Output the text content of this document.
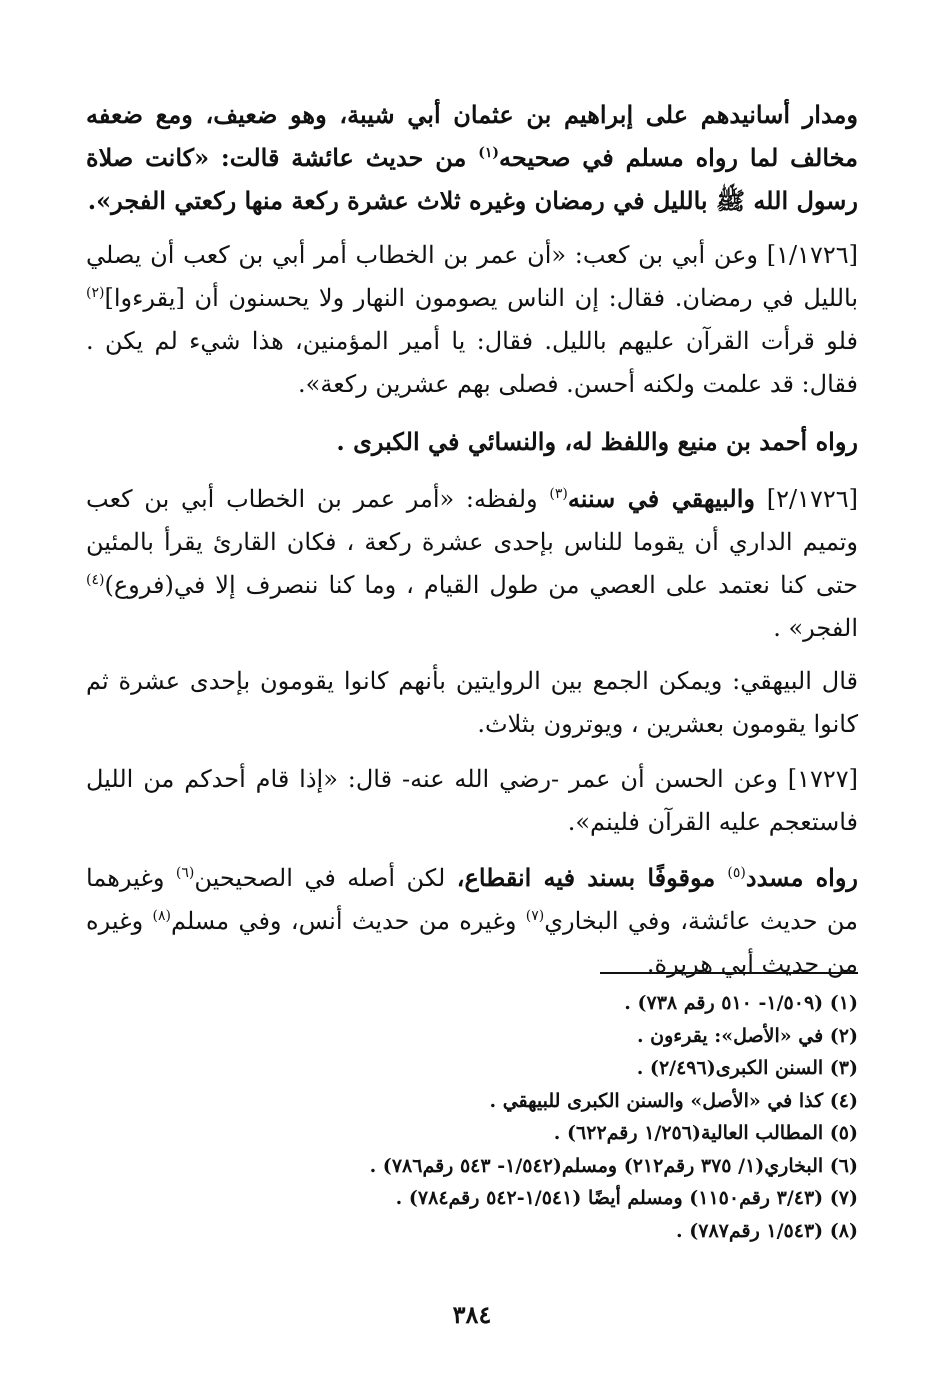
ومدار أسانيدهم على إبراهيم بن عثمان أبي شيبة، وهو ضعيف، ومع ضعفه مخالف لما رواه مسلم في صحيحه$^{(١)}$ من حديث عائشة قالت: «كانت صلاة رسول الله ﷺ بالليل في رمضان وغيره ثلاث عشرة ركعة منها ركعتي الفجر».

[١/١٧٢٦] وعن أبي بن كعب: «أن عمر بن الخطاب أمر أبي بن كعب أن يصلي بالليل في رمضان. فقال: إن الناس يصومون النهار ولا يحسنون أن [يقرءوا]$^{(٢)}$ فلو قرأت القرآن عليهم بالليل. فقال: يا أمير المؤمنين، هذا شيء لم يكن . فقال: قد علمت ولكنه أحسن. فصلى بهم عشرين ركعة».

رواه أحمد بن منيع واللفظ له، والنسائي في الكبرى .

[٢/١٧٢٦] والبيهقي في سننه$^{(٣)}$ ولفظه: «أمر عمر بن الخطاب أبي بن كعب وتميم الداري أن يقوما للناس بإحدى عشرة ركعة ، فكان القارئ يقرأ بالمئين حتى كنا نعتمد على العصي من طول القيام ، وما كنا ننصرف إلا في(فروع)$^{(٤)}$ الفجر» .

قال البيهقي: ويمكن الجمع بين الروايتين بأنهم كانوا يقومون بإحدى عشرة ثم كانوا يقومون بعشرين ، ويوترون بثلاث.

[١٧٢٧] وعن الحسن أن عمر -رضي الله عنه- قال: «إذا قام أحدكم من الليل فاستعجم عليه القرآن فلينم».

رواه مسدد$^{(٥)}$ موقوفًا بسند فيه انقطاع، لكن أصله في الصحيحين$^{(٦)}$ وغيرهما من حديث عائشة، وفي البخاري$^{(٧)}$ وغيره من حديث أنس، وفي مسلم$^{(٨)}$ وغيره من حديث أبي هريرة.

(١) (١/٥٠٩- ٥١٠ رقم ٧٣٨) .
(٢) في «الأصل»: يقرءون .
(٣) السنن الكبرى(٢/٤٩٦) .
(٤) كذا في «الأصل» والسنن الكبرى للبيهقي .
(٥) المطالب العالية(١/٢٥٦ رقم٦٢٢) .
(٦) البخاري(١/ ٣٧٥ رقم٢١٢) ومسلم(١/٥٤٢- ٥٤٣ رقم٧٨٦) .
(٧) (٣/٤٣ رقم١١٥٠) ومسلم أيضًا (١/٥٤١-٥٤٢ رقم٧٨٤) .
(٨) (١/٥٤٣ رقم٧٨٧) .
٣٨٤
